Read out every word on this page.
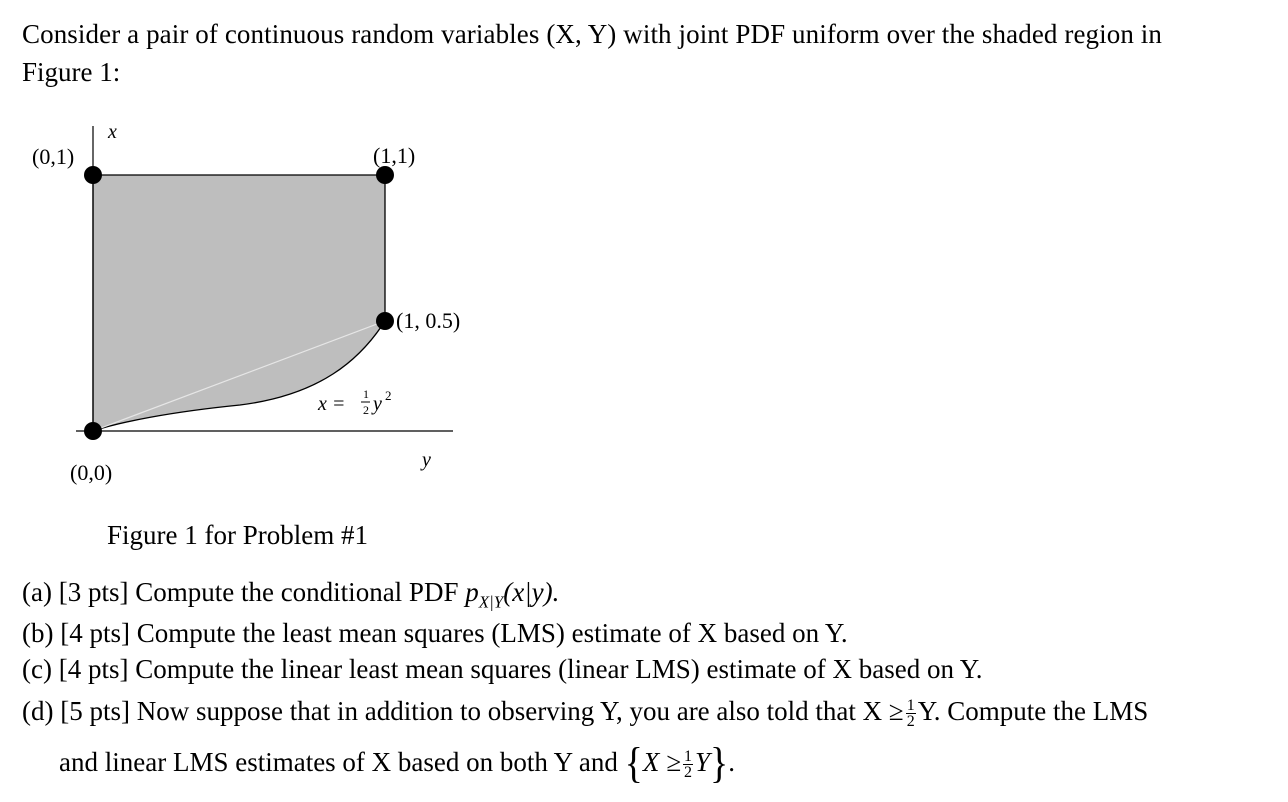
Consider a pair of continuous random variables (X, Y) with joint PDF uniform over the shaded region in
Figure 1:
x
y
(0,1)	(1,1)
(1, 0.5)
(0,0)
x = 1
2 y 2
Figure 1 for Problem #1
(a) [3 pts] Compute the conditional PDF $p_{X|Y}(x|y)$.
(b) [4 pts] Compute the least mean squares (LMS) estimate of X based on Y.
(c) [4 pts] Compute the linear least mean squares (linear LMS) estimate of X based on Y.
(d) [5 pts] Now suppose that in addition to observing Y, you are also told that $X \ge \frac{1}{2} Y$. Compute the LMS
and linear LMS estimates of X based on both Y and $\{X \ge \frac{1}{2} Y\}$.
